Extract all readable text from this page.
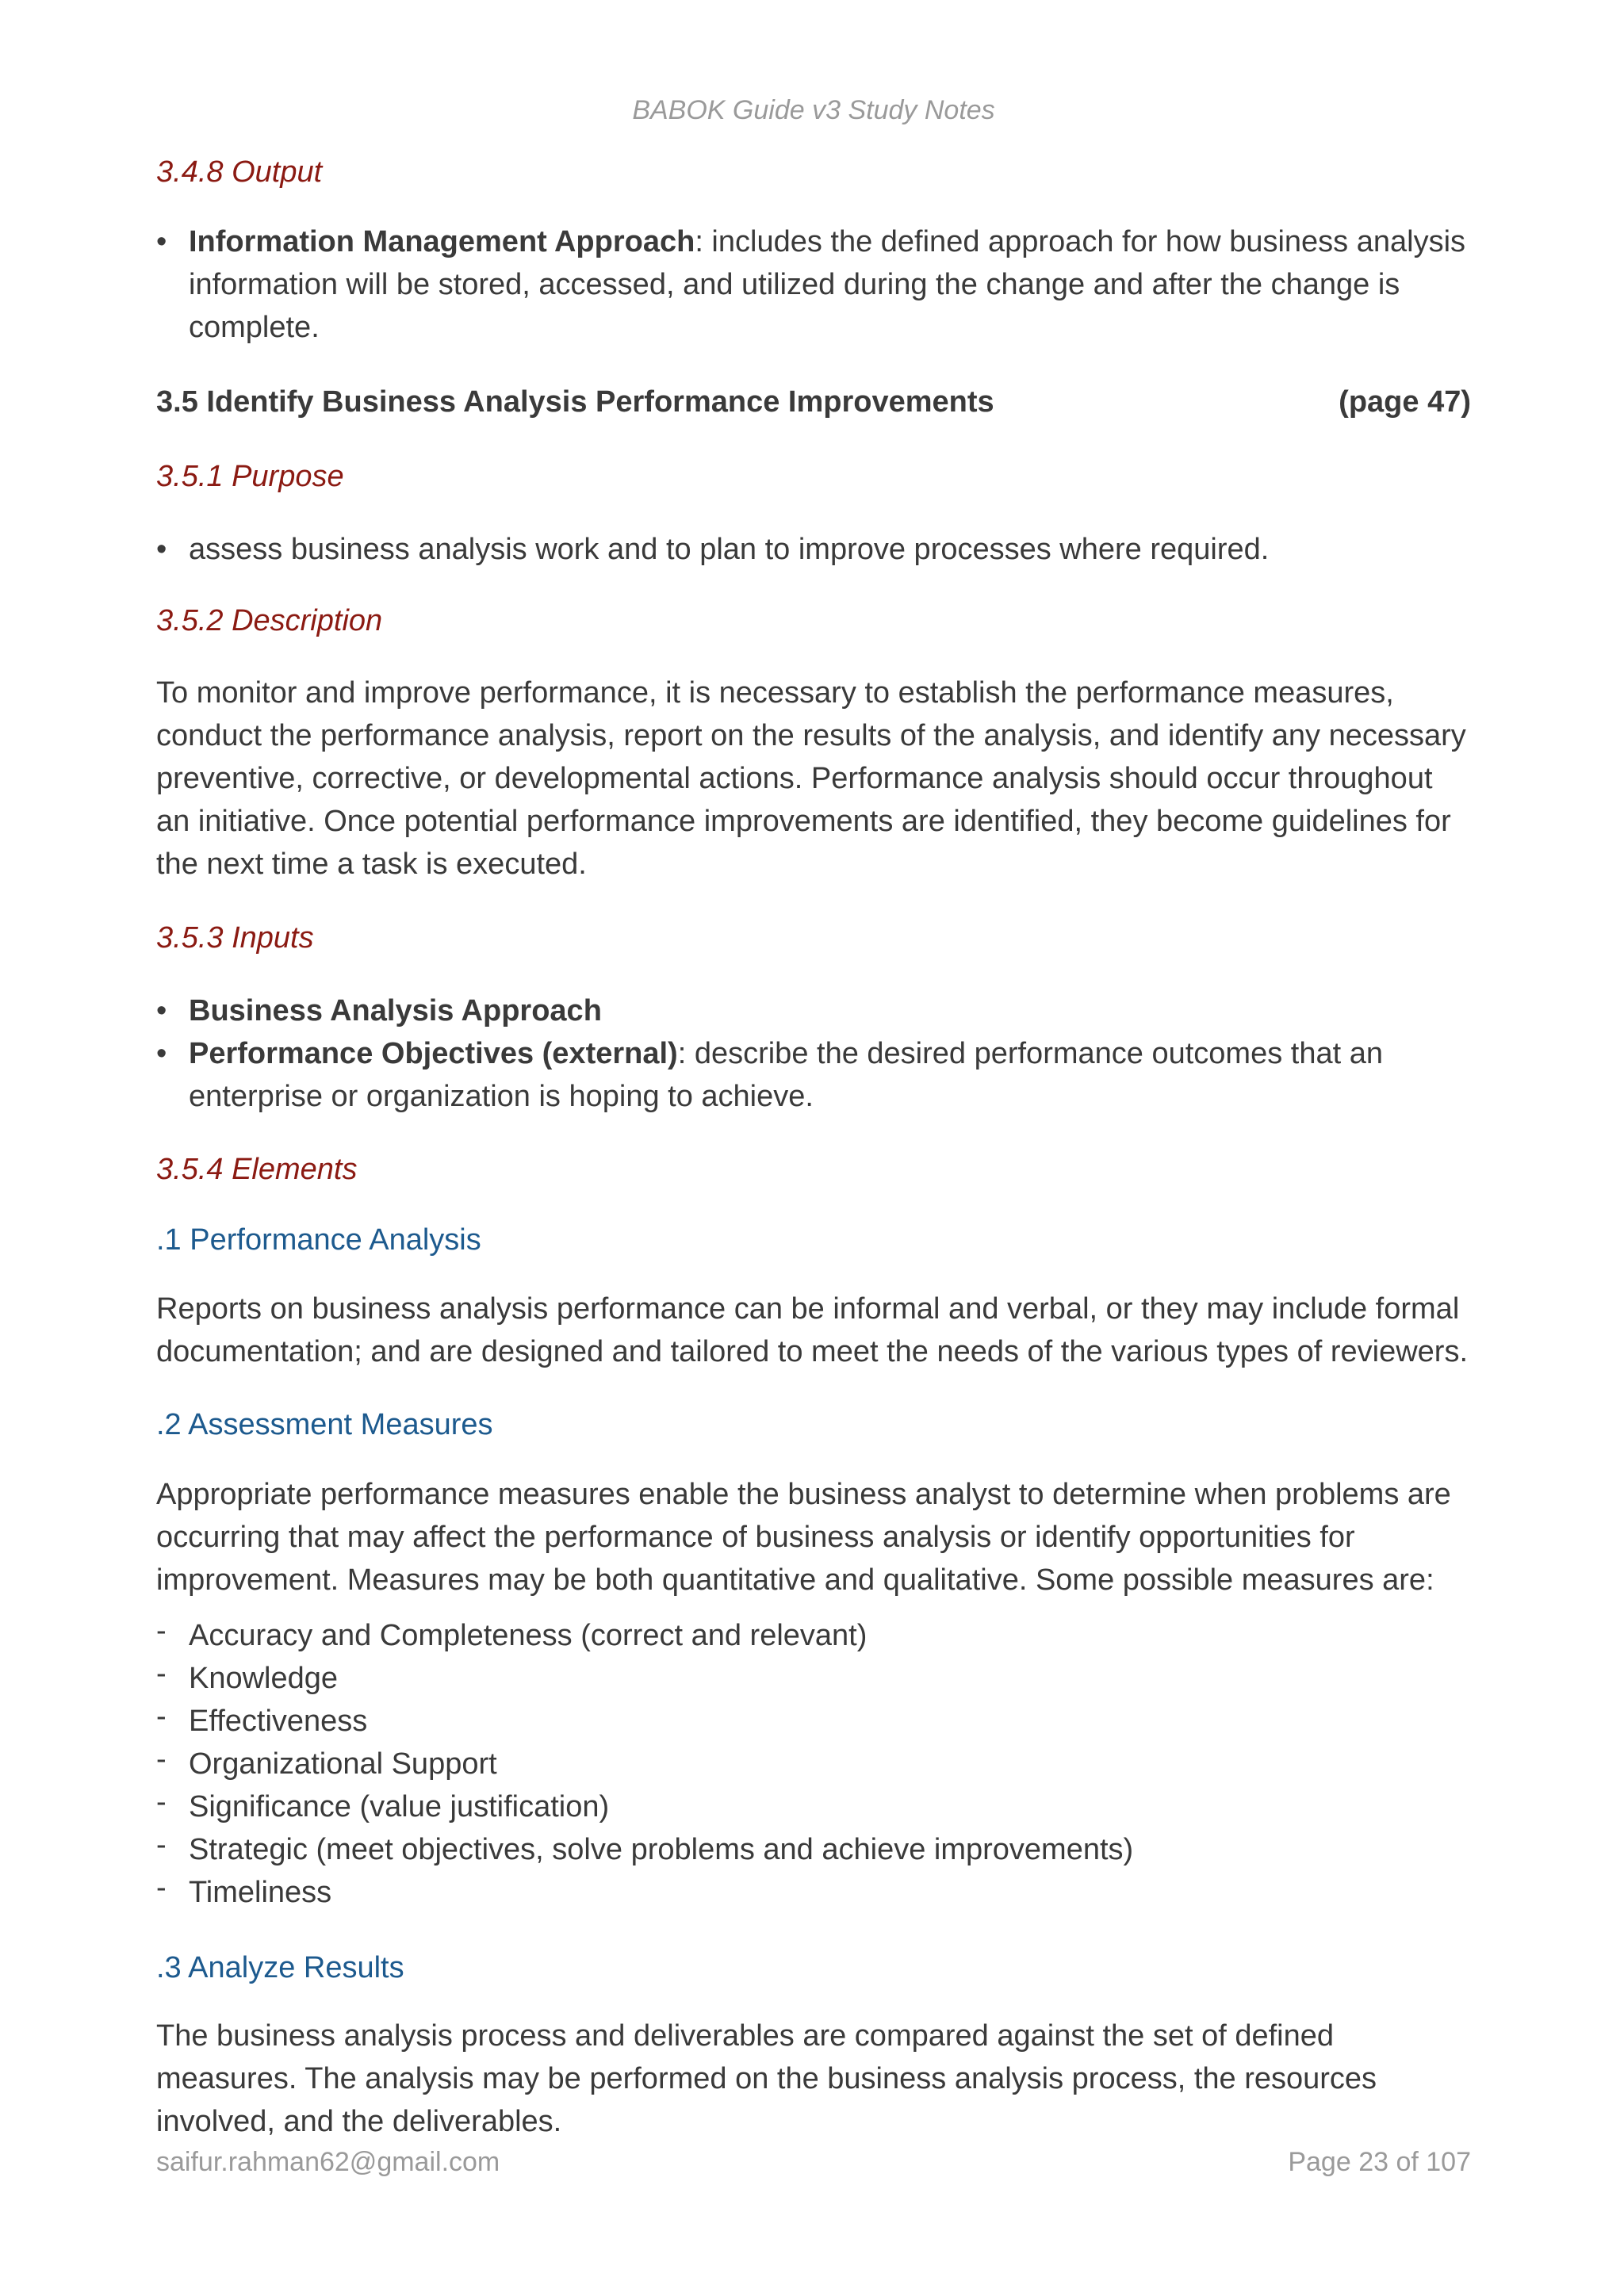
BABOK Guide v3 Study Notes
3.4.8 Output
• Information Management Approach: includes the defined approach for how business analysis information will be stored, accessed, and utilized during the change and after the change is complete.
3.5 Identify Business Analysis Performance Improvements	(page 47)
3.5.1 Purpose
• assess business analysis work and to plan to improve processes where required.
3.5.2 Description
To monitor and improve performance, it is necessary to establish the performance measures, conduct the performance analysis, report on the results of the analysis, and identify any necessary preventive, corrective, or developmental actions. Performance analysis should occur throughout an initiative. Once potential performance improvements are identified, they become guidelines for the next time a task is executed.
3.5.3 Inputs
• Business Analysis Approach
• Performance Objectives (external): describe the desired performance outcomes that an enterprise or organization is hoping to achieve.
3.5.4 Elements
.1 Performance Analysis
Reports on business analysis performance can be informal and verbal, or they may include formal documentation; and are designed and tailored to meet the needs of the various types of reviewers.
.2 Assessment Measures
Appropriate performance measures enable the business analyst to determine when problems are occurring that may affect the performance of business analysis or identify opportunities for improvement. Measures may be both quantitative and qualitative. Some possible measures are:
- Accuracy and Completeness (correct and relevant)
- Knowledge
- Effectiveness
- Organizational Support
- Significance (value justification)
- Strategic (meet objectives, solve problems and achieve improvements)
- Timeliness
.3 Analyze Results
The business analysis process and deliverables are compared against the set of defined measures. The analysis may be performed on the business analysis process, the resources involved, and the deliverables.
saifur.rahman62@gmail.com	Page 23 of 107
